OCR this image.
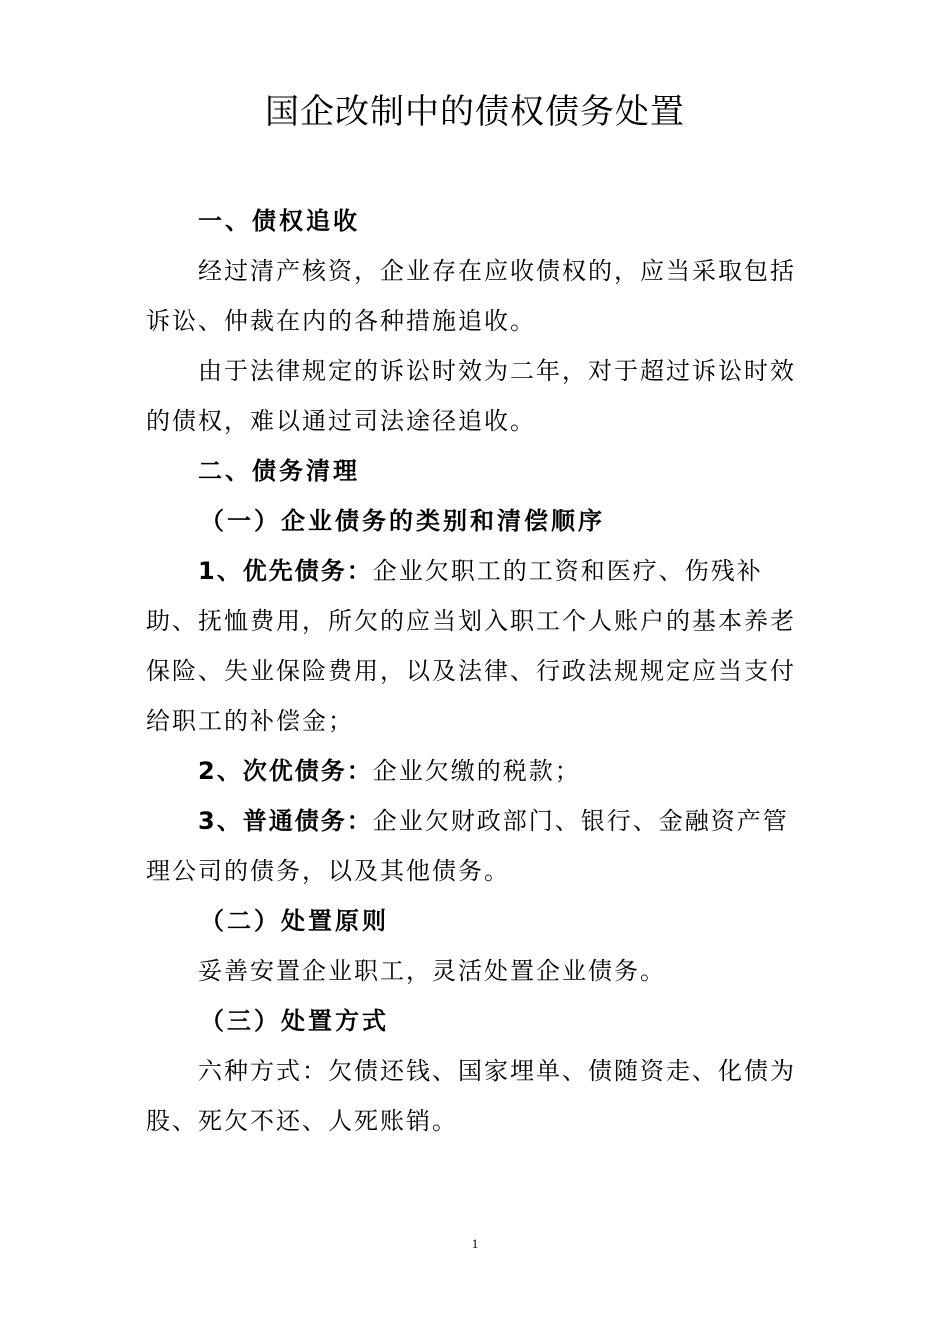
国企改制中的债权债务处置

一、债权追收

经过清产核资，企业存在应收债权的，应当采取包括诉讼、仲裁在内的各种措施追收。

由于法律规定的诉讼时效为二年，对于超过诉讼时效的债权，难以通过司法途径追收。

二、债务清理

（一）企业债务的类别和清偿顺序

1、优先债务：企业欠职工的工资和医疗、伤残补助、抚恤费用，所欠的应当划入职工个人账户的基本养老保险、失业保险费用，以及法律、行政法规规定应当支付给职工的补偿金；

2、次优债务：企业欠缴的税款；

3、普通债务：企业欠财政部门、银行、金融资产管理公司的债务，以及其他债务。

（二）处置原则

妥善安置企业职工，灵活处置企业债务。

（三）处置方式

六种方式：欠债还钱、国家埋单、债随资走、化债为股、死欠不还、人死账销。

1
